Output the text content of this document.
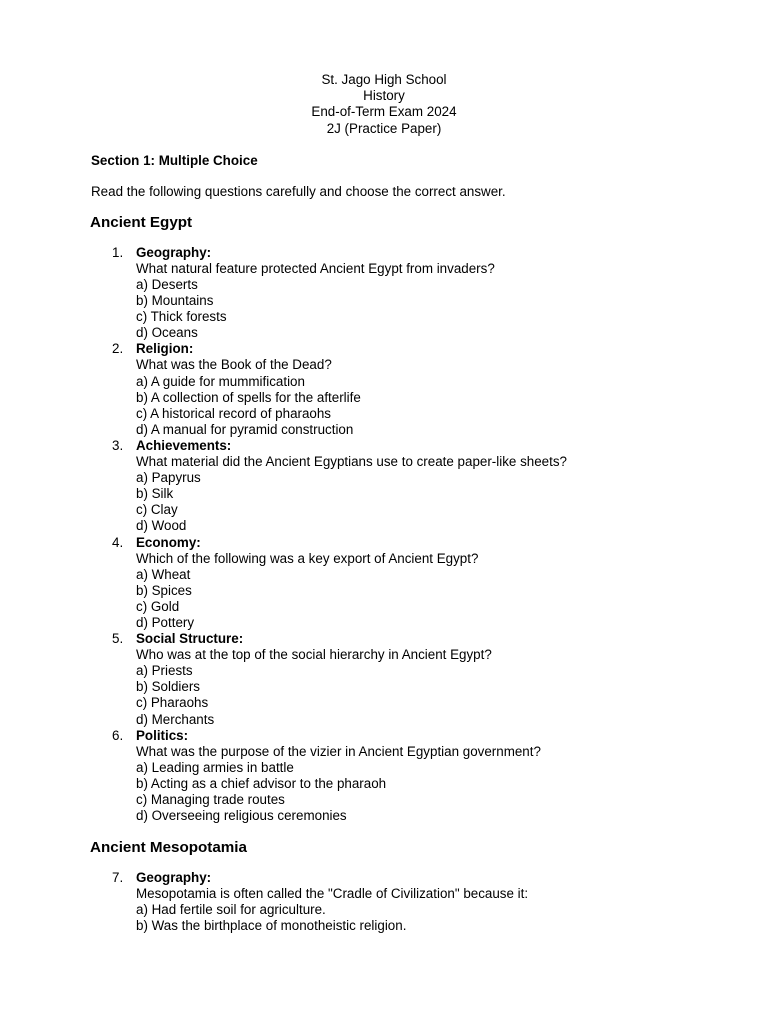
St. Jago High School
History
End-of-Term Exam 2024
2J (Practice Paper)
Section 1: Multiple Choice
Read the following questions carefully and choose the correct answer.
Ancient Egypt
1. Geography:
What natural feature protected Ancient Egypt from invaders?
a) Deserts
b) Mountains
c) Thick forests
d) Oceans
2. Religion:
What was the Book of the Dead?
a) A guide for mummification
b) A collection of spells for the afterlife
c) A historical record of pharaohs
d) A manual for pyramid construction
3. Achievements:
What material did the Ancient Egyptians use to create paper-like sheets?
a) Papyrus
b) Silk
c) Clay
d) Wood
4. Economy:
Which of the following was a key export of Ancient Egypt?
a) Wheat
b) Spices
c) Gold
d) Pottery
5. Social Structure:
Who was at the top of the social hierarchy in Ancient Egypt?
a) Priests
b) Soldiers
c) Pharaohs
d) Merchants
6. Politics:
What was the purpose of the vizier in Ancient Egyptian government?
a) Leading armies in battle
b) Acting as a chief advisor to the pharaoh
c) Managing trade routes
d) Overseeing religious ceremonies
Ancient Mesopotamia
7. Geography:
Mesopotamia is often called the "Cradle of Civilization" because it:
a) Had fertile soil for agriculture.
b) Was the birthplace of monotheistic religion.
